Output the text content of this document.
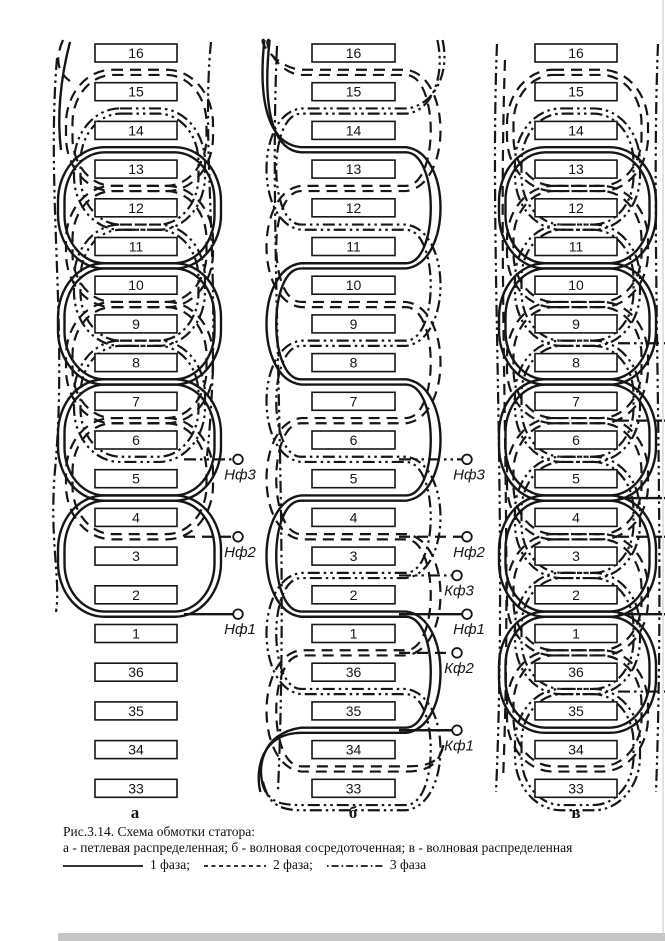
16
15
14
13
12
11
10
9
8
7
6
5
4
3
2
1
36
35
34
33
Нф3
Нф2
Нф1
а
16
15
14
13
12
11
10
9
8
7
6
5
4
3
2
1
36
35
34
33
Нф3
Нф2
Кф3
Нф1
Кф2
Кф1
б
16
15
14
13
12
11
10
9
8
7
6
5
4
3
2
1
36
35
34
33
в
Рис.3.14. Схема обмотки статора:
а - петлевая распределенная; б - волновая сосредоточенная; в - волновая распределенная
1 фаза;	2 фаза;	3 фаза
